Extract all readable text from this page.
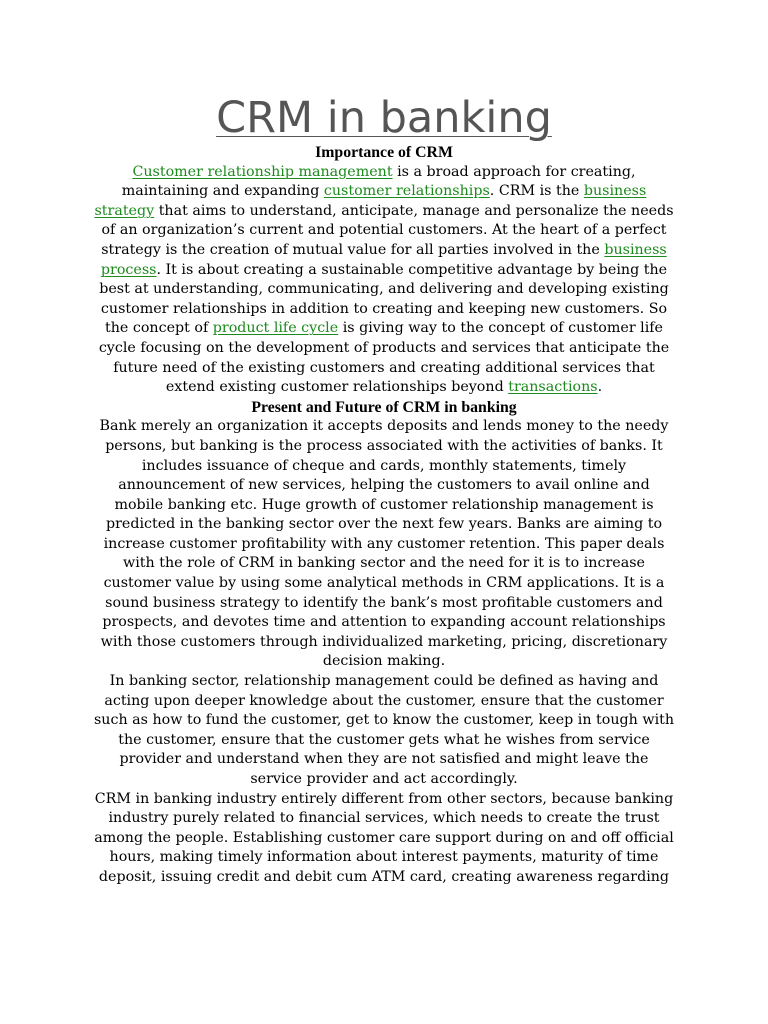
CRM in banking
Importance of CRM

Customer relationship management is a broad approach for creating, maintaining and expanding customer relationships. CRM is the business strategy that aims to understand, anticipate, manage and personalize the needs of an organization’s current and potential customers. At the heart of a perfect strategy is the creation of mutual value for all parties involved in the business process. It is about creating a sustainable competitive advantage by being the best at understanding, communicating, and delivering and developing existing customer relationships in addition to creating and keeping new customers. So the concept of product life cycle is giving way to the concept of customer life cycle focusing on the development of products and services that anticipate the future need of the existing customers and creating additional services that extend existing customer relationships beyond transactions.

Present and Future of CRM in banking

Bank merely an organization it accepts deposits and lends money to the needy persons, but banking is the process associated with the activities of banks. It includes issuance of cheque and cards, monthly statements, timely announcement of new services, helping the customers to avail online and mobile banking etc. Huge growth of customer relationship management is predicted in the banking sector over the next few years. Banks are aiming to increase customer profitability with any customer retention. This paper deals with the role of CRM in banking sector and the need for it is to increase customer value by using some analytical methods in CRM applications. It is a sound business strategy to identify the bank’s most profitable customers and prospects, and devotes time and attention to expanding account relationships with those customers through individualized marketing, pricing, discretionary decision making.

In banking sector, relationship management could be defined as having and acting upon deeper knowledge about the customer, ensure that the customer such as how to fund the customer, get to know the customer, keep in tough with the customer, ensure that the customer gets what he wishes from service provider and understand when they are not satisfied and might leave the service provider and act accordingly.

CRM in banking industry entirely different from other sectors, because banking industry purely related to financial services, which needs to create the trust among the people. Establishing customer care support during on and off official hours, making timely information about interest payments, maturity of time deposit, issuing credit and debit cum ATM card, creating awareness regarding
